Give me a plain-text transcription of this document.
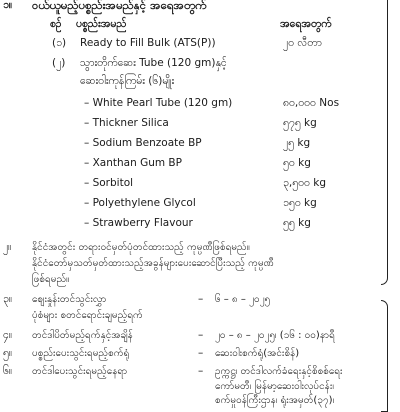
၁။ ဝယ်ယူမည့်ပစ္စည်းအမည်နှင့် အရေအတွက်
စဉ် ပစ္စည်းအမည်	အရေအတွက်
(၁) Ready to Fill Bulk (ATS(P))	၂၀ လီတာ
(၂) သွားတိုက်ဆေး Tube (120 gm)နှင့်
ဆေးဝါးကုန်ကြမ်း (၆)မျိုး
– White Pearl Tube (120 gm)	၈၀,၀၀၀ Nos
– Thickner Silica	၅၇၅ kg
– Sodium Benzoate BP	၂၅ kg
– Xanthan Gum BP	၅၀ kg
– Sorbitol	၃,၅၀၀ kg
– Polyethylene Glycol	၁၅၀ kg
– Strawberry Flavour	၅၅ kg
၂။ နိုင်ငံအတွင်း တရားဝင်မှတ်ပုံတင်ထားသည့် ကုမ္ပဏီဖြစ်ရမည်။
နိုင်ငံတော်မှသတ်မှတ်ထားသည့်အခွန်များပေးဆောင်ပြီးသည့် ကုမ္ပဏီ
ဖြစ်ရမည်။
၃။ ဈေးနှုန်းတင်သွင်းလွှာ
ပုံစံများ စတင်ရောင်းချမည့်ရက်
– ၆ – ၈ – ၂၀၂၅
၄။ တင်ဒါပိတ်မည့်ရက်နှင့်အချိန်	– ၂၀ – ၈ – ၂၀၂၅၊ (၁၆ : ၀၀)နာရီ
၅။ ပစ္စည်းပေးသွင်းရမည့်စက်ရုံ	– ဆေးဝါးစက်ရုံ(အင်းစိန်)
၆။ တင်ဒါပေးသွင်းရမည့်နေရာ	– ဥက္ကဋ္ဌ၊ တင်ဒါလက်ခံရေးနှင့်စိစစ်ရေး
ကော်မတီ၊ မြန်မာ့ဆေးဝါးလုပ်ငန်း၊
စက်မှုဝန်ကြီးဌာန၊ ရုံးအမှတ်(၃၇)၊
